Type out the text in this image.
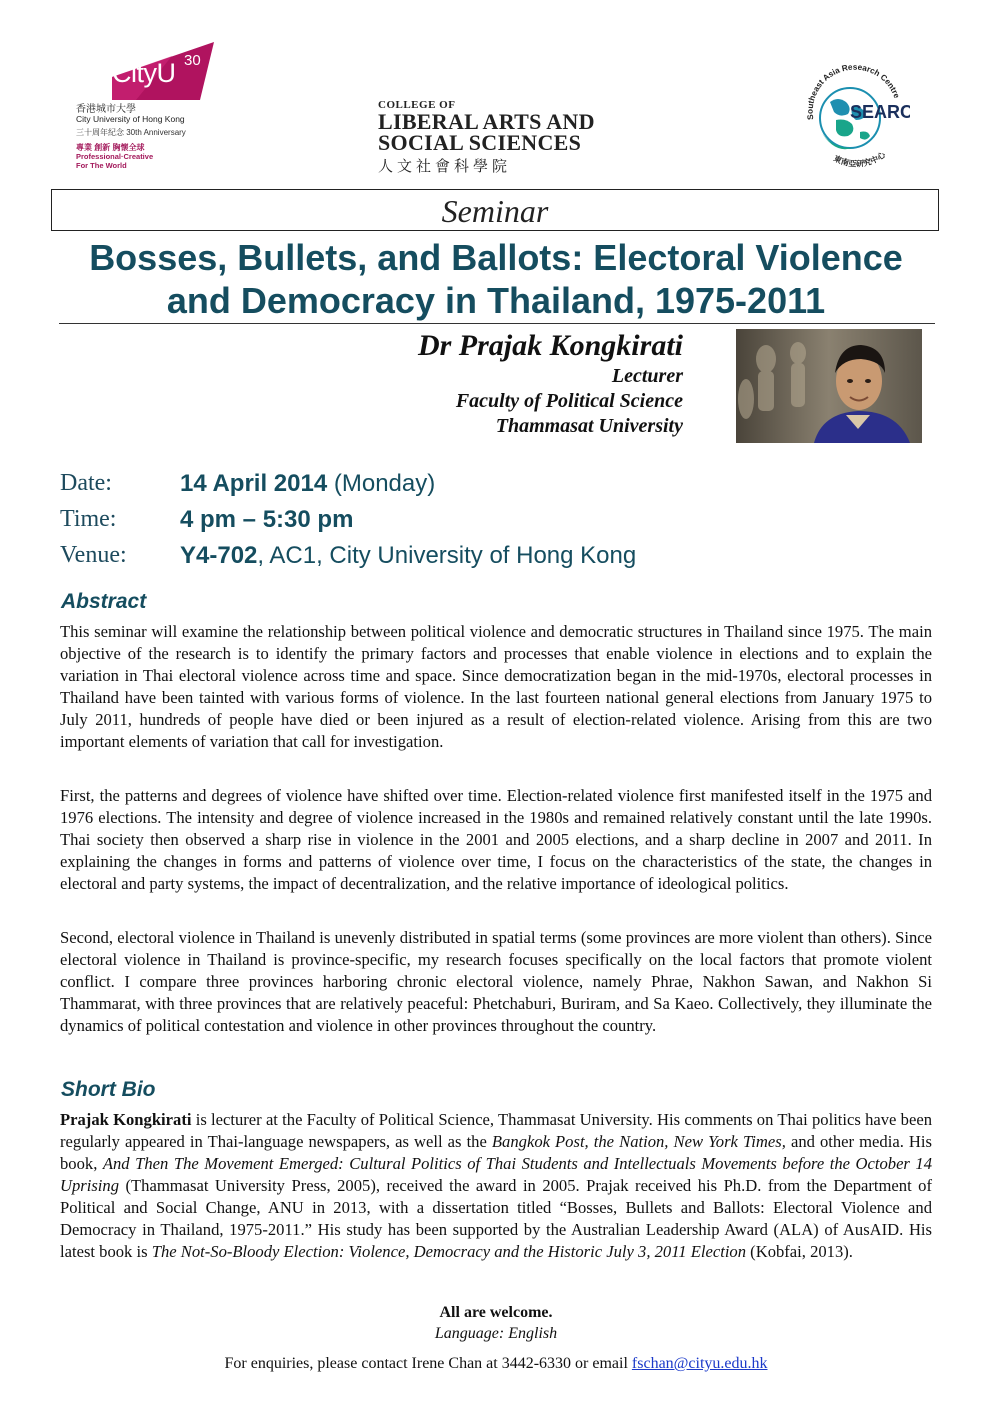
CityU 30
香港城市大學
City University of Hong Kong
三十周年紀念 30th Anniversary
專業 創新 胸懷全球
Professional·Creative
For The World
COLLEGE OF
LIBERAL ARTS AND
SOCIAL SCIENCES
人文社會科學院
Southeast Asia Research Centre
東南亞研究中心
SEARC
Seminar
Bosses, Bullets, and Ballots: Electoral Violence
and Democracy in Thailand, 1975-2011
Dr Prajak Kongkirati
Lecturer
Faculty of Political Science
Thammasat University
Date:	14 April 2014 (Monday)
Time:	4 pm – 5:30 pm
Venue: Y4-702, AC1, City University of Hong Kong
Abstract
This seminar will examine the relationship between political violence and democratic structures in Thailand since 1975. The main objective of the research is to identify the primary factors and processes that enable violence in elections and to explain the variation in Thai electoral violence across time and space. Since democratization began in the mid-1970s, electoral processes in Thailand have been tainted with various forms of violence. In the last fourteen national general elections from January 1975 to July 2011, hundreds of people have died or been injured as a result of election-related violence. Arising from this are two important elements of variation that call for investigation.
First, the patterns and degrees of violence have shifted over time. Election-related violence first manifested itself in the 1975 and 1976 elections. The intensity and degree of violence increased in the 1980s and remained relatively constant until the late 1990s. Thai society then observed a sharp rise in violence in the 2001 and 2005 elections, and a sharp decline in 2007 and 2011. In explaining the changes in forms and patterns of violence over time, I focus on the characteristics of the state, the changes in electoral and party systems, the impact of decentralization, and the relative importance of ideological politics.
Second, electoral violence in Thailand is unevenly distributed in spatial terms (some provinces are more violent than others). Since electoral violence in Thailand is province-specific, my research focuses specifically on the local factors that promote violent conflict. I compare three provinces harboring chronic electoral violence, namely Phrae, Nakhon Sawan, and Nakhon Si Thammarat, with three provinces that are relatively peaceful: Phetchaburi, Buriram, and Sa Kaeo. Collectively, they illuminate the dynamics of political contestation and violence in other provinces throughout the country.
Short Bio
Prajak Kongkirati is lecturer at the Faculty of Political Science, Thammasat University. His comments on Thai politics have been regularly appeared in Thai-language newspapers, as well as the Bangkok Post, the Nation, New York Times, and other media. His book, And Then The Movement Emerged: Cultural Politics of Thai Students and Intellectuals Movements before the October 14 Uprising (Thammasat University Press, 2005), received the award in 2005. Prajak received his Ph.D. from the Department of Political and Social Change, ANU in 2013, with a dissertation titled “Bosses, Bullets and Ballots: Electoral Violence and Democracy in Thailand, 1975-2011.” His study has been supported by the Australian Leadership Award (ALA) of AusAID. His latest book is The Not-So-Bloody Election: Violence, Democracy and the Historic July 3, 2011 Election (Kobfai, 2013).
All are welcome.
Language: English
For enquiries, please contact Irene Chan at 3442-6330 or email fschan@cityu.edu.hk
